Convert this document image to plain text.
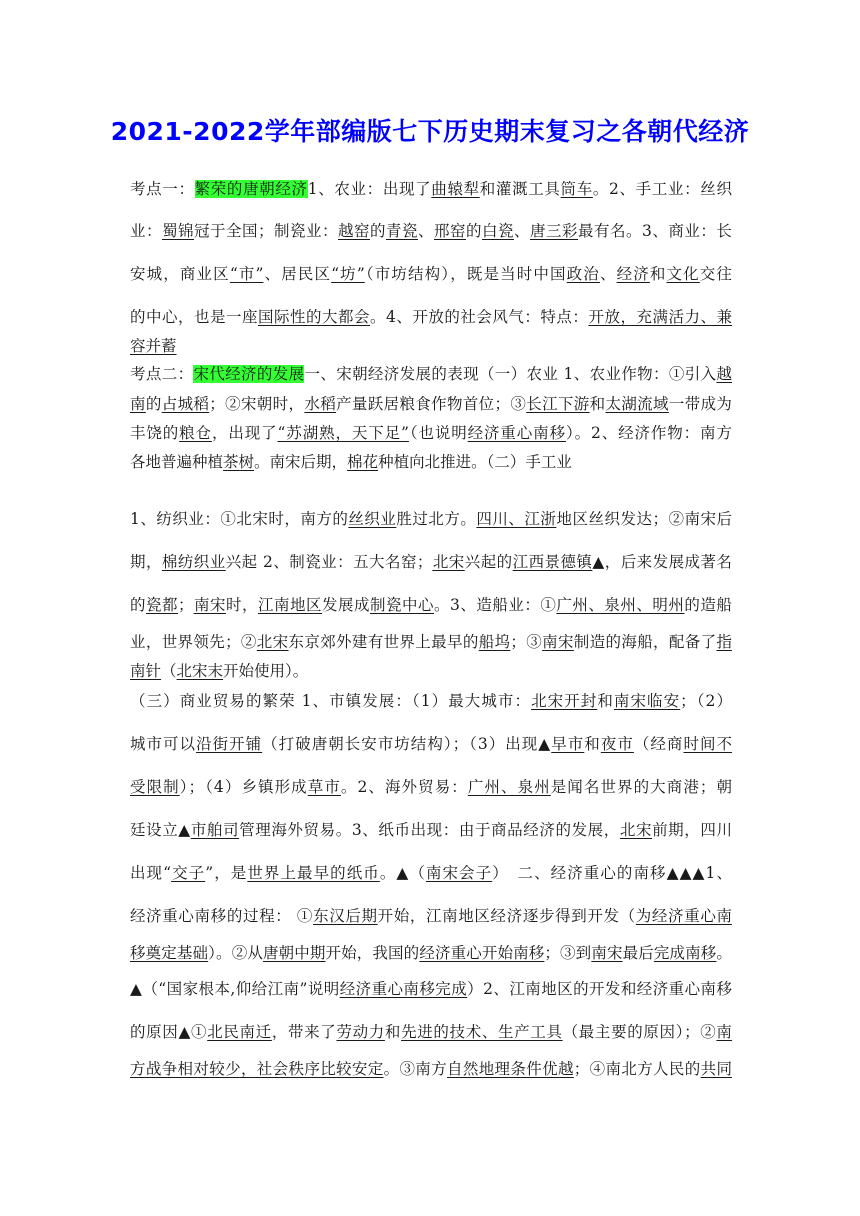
2021-2022学年部编版七下历史期末复习之各朝代经济
考点一：繁荣的唐朝经济1、农业：出现了曲辕犁和灌溉工具筒车。2、手工业：丝织
业：蜀锦冠于全国；制瓷业：越窑的青瓷、邢窑的白瓷、唐三彩最有名。3、商业：长
安城，商业区“市”、居民区“坊”（市坊结构），既是当时中国政治、经济和文化交往
的中心，也是一座国际性的大都会。4、开放的社会风气：特点：开放，充满活力、兼
容并蓄
考点二：宋代经济的发展一、宋朝经济发展的表现（一）农业 1、农业作物：①引入越
南的占城稻；②宋朝时，水稻产量跃居粮食作物首位；③长江下游和太湖流域一带成为
丰饶的粮仓，出现了“苏湖熟，天下足”（也说明经济重心南移）。2、经济作物：南方
各地普遍种植茶树。南宋后期，棉花种植向北推进。（二）手工业
1、纺织业：①北宋时，南方的丝织业胜过北方。四川、江浙地区丝织发达；②南宋后
期，棉纺织业兴起 2、制瓷业：五大名窑；北宋兴起的江西景德镇▲，后来发展成著名
的瓷都；南宋时，江南地区发展成制瓷中心。3、造船业：①广州、泉州、明州的造船
业，世界领先；②北宋东京郊外建有世界上最早的船坞；③南宋制造的海船，配备了指
南针（北宋末开始使用）。
（三）商业贸易的繁荣 1、市镇发展：（1）最大城市：北宋开封和南宋临安；（2）
城市可以沿街开铺（打破唐朝长安市坊结构）；（3）出现▲早市和夜市（经商时间不
受限制）；（4）乡镇形成草市。2、海外贸易：广州、泉州是闻名世界的大商港；朝
廷设立▲市舶司管理海外贸易。3、纸币出现：由于商品经济的发展，北宋前期，四川
出现“交子”，是世界上最早的纸币。▲（南宋会子）　二、经济重心的南移▲▲▲1、
经济重心南移的过程： ①东汉后期开始，江南地区经济逐步得到开发（为经济重心南
移奠定基础）。②从唐朝中期开始，我国的经济重心开始南移；③到南宋最后完成南移。
▲（“国家根本,仰给江南”说明经济重心南移完成）2、江南地区的开发和经济重心南移
的原因▲①北民南迁，带来了劳动力和先进的技术、生产工具（最主要的原因）；②南
方战争相对较少，社会秩序比较安定。③南方自然地理条件优越；④南北方人民的共同
